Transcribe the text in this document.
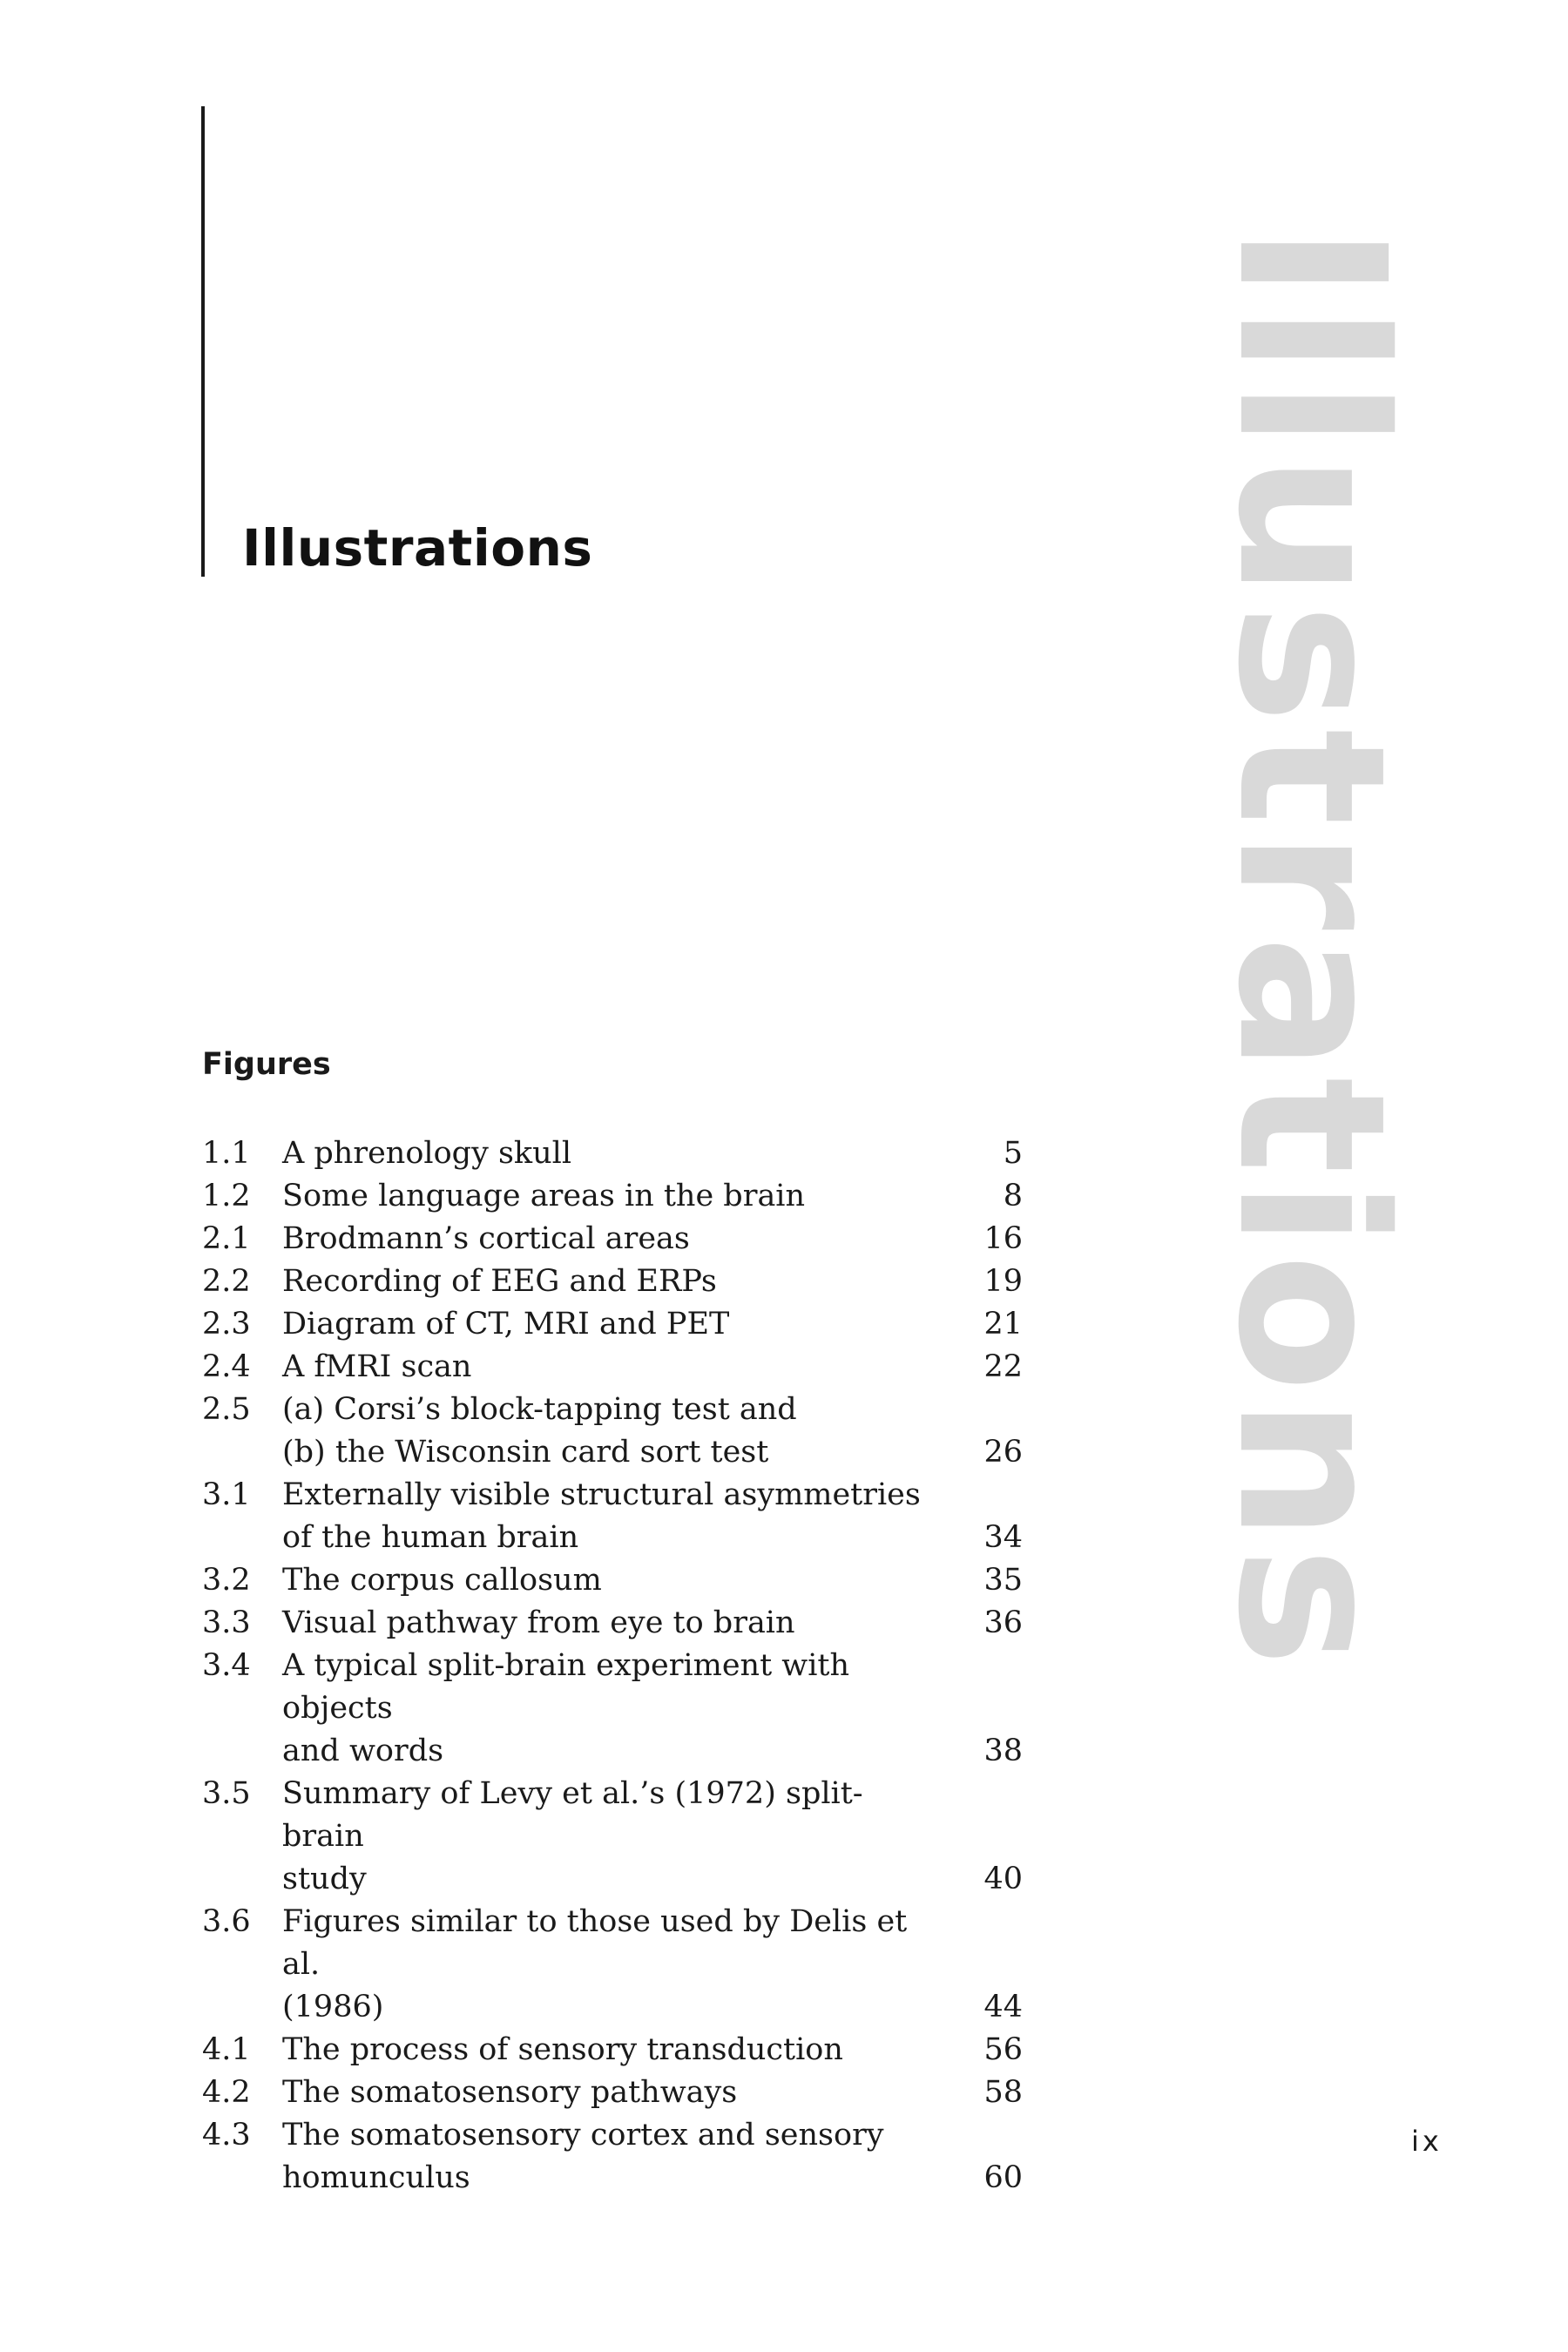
Illustrations	Illustrations
Figures
1.1	A phrenology skull	5
1.2	Some language areas in the brain	8
2.1	Brodmann’s cortical areas	16
2.2	Recording of EEG and ERPs	19
2.3	Diagram of CT, MRI and PET	21
2.4	A fMRI scan	22
2.5	(a) Corsi’s block-tapping test and
(b) the Wisconsin card sort test	26
3.1	Externally visible structural asymmetries
of the human brain	34
3.2	The corpus callosum	35
3.3	Visual pathway from eye to brain	36
3.4	A typical split-brain experiment with objects
and words	38
3.5	Summary of Levy et al.’s (1972) split-brain
study	40
3.6	Figures similar to those used by Delis et al.
(1986)	44
4.1	The process of sensory transduction	56
4.2	The somatosensory pathways	58
4.3	The somatosensory cortex and sensory
homunculus	60
ix
